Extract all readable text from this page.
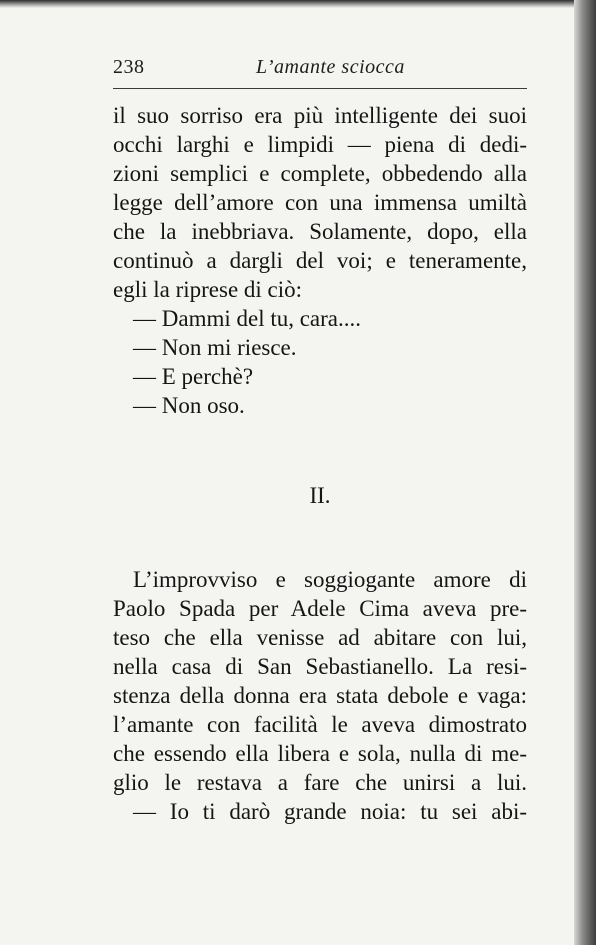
238	L’amante sciocca
il suo sorriso era più intelligente dei suoi
occhi larghi e limpidi — piena di dedi-
zioni semplici e complete, obbedendo alla
legge dell’amore con una immensa umiltà
che la inebbriava. Solamente, dopo, ella
continuò a dargli del voi; e teneramente,
egli la riprese di ciò:
— Dammi del tu, cara....
— Non mi riesce.
— E perchè?
— Non oso.
II.
L’improvviso e soggiogante amore di
Paolo Spada per Adele Cima aveva pre-
teso che ella venisse ad abitare con lui,
nella casa di San Sebastianello. La resi-
stenza della donna era stata debole e vaga:
l’amante con facilità le aveva dimostrato
che essendo ella libera e sola, nulla di me-
glio le restava a fare che unirsi a lui.
— Io ti darò grande noia: tu sei abi-
